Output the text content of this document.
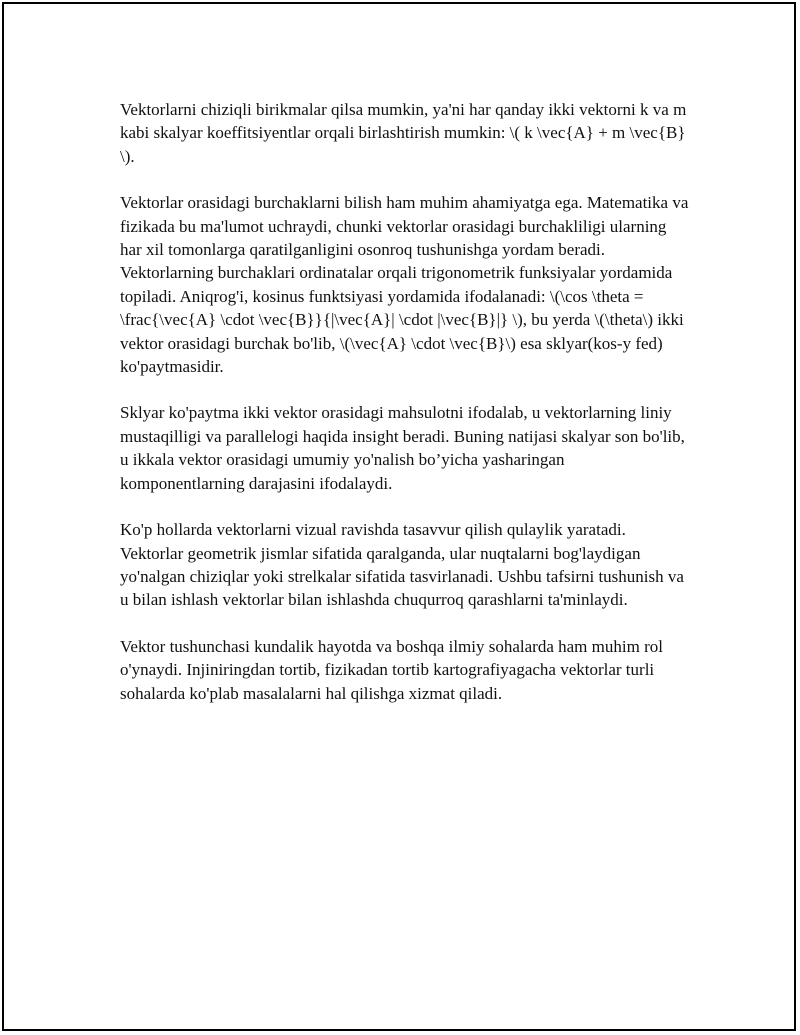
Vektorlarni chiziqli birikmalar qilsa mumkin, ya'ni har qanday ikki vektorni k va m kabi skalyar koeffitsiyentlar orqali birlashtirish mumkin: \( k \vec{A} + m \vec{B} \).

Vektorlar orasidagi burchaklarni bilish ham muhim ahamiyatga ega. Matematika va fizikada bu ma'lumot uchraydi, chunki vektorlar orasidagi burchakliligi ularning har xil tomonlarga qaratilganligini osonroq tushunishga yordam beradi. Vektorlarning burchaklari ordinatalar orqali trigonometrik funksiyalar yordamida topiladi. Aniqrog'i, kosinus funktsiyasi yordamida ifodalanadi: \(\cos \theta = \frac{\vec{A} \cdot \vec{B}}{|\vec{A}| \cdot |\vec{B}|} \), bu yerda \(\theta\) ikki vektor orasidagi burchak bo'lib, \(\vec{A} \cdot \vec{B}\) esa sklyar(kos-y fed) ko'paytmasidir.

Sklyar ko'paytma ikki vektor orasidagi mahsulotni ifodalab, u vektorlarning liniy mustaqilligi va parallelogi haqida insight beradi. Buning natijasi skalyar son bo'lib, u ikkala vektor orasidagi umumiy yo'nalish bo’yicha yasharingan komponentlarning darajasini ifodalaydi.

Ko'p hollarda vektorlarni vizual ravishda tasavvur qilish qulaylik yaratadi. Vektorlar geometrik jismlar sifatida qaralganda, ular nuqtalarni bog'laydigan yo'nalgan chiziqlar yoki strelkalar sifatida tasvirlanadi. Ushbu tafsirni tushunish va u bilan ishlash vektorlar bilan ishlashda chuqurroq qarashlarni ta'minlaydi.

Vektor tushunchasi kundalik hayotda va boshqa ilmiy sohalarda ham muhim rol o'ynaydi. Injiniringdan tortib, fizikadan tortib kartografiyagacha vektorlar turli sohalarda ko'plab masalalarni hal qilishga xizmat qiladi.
